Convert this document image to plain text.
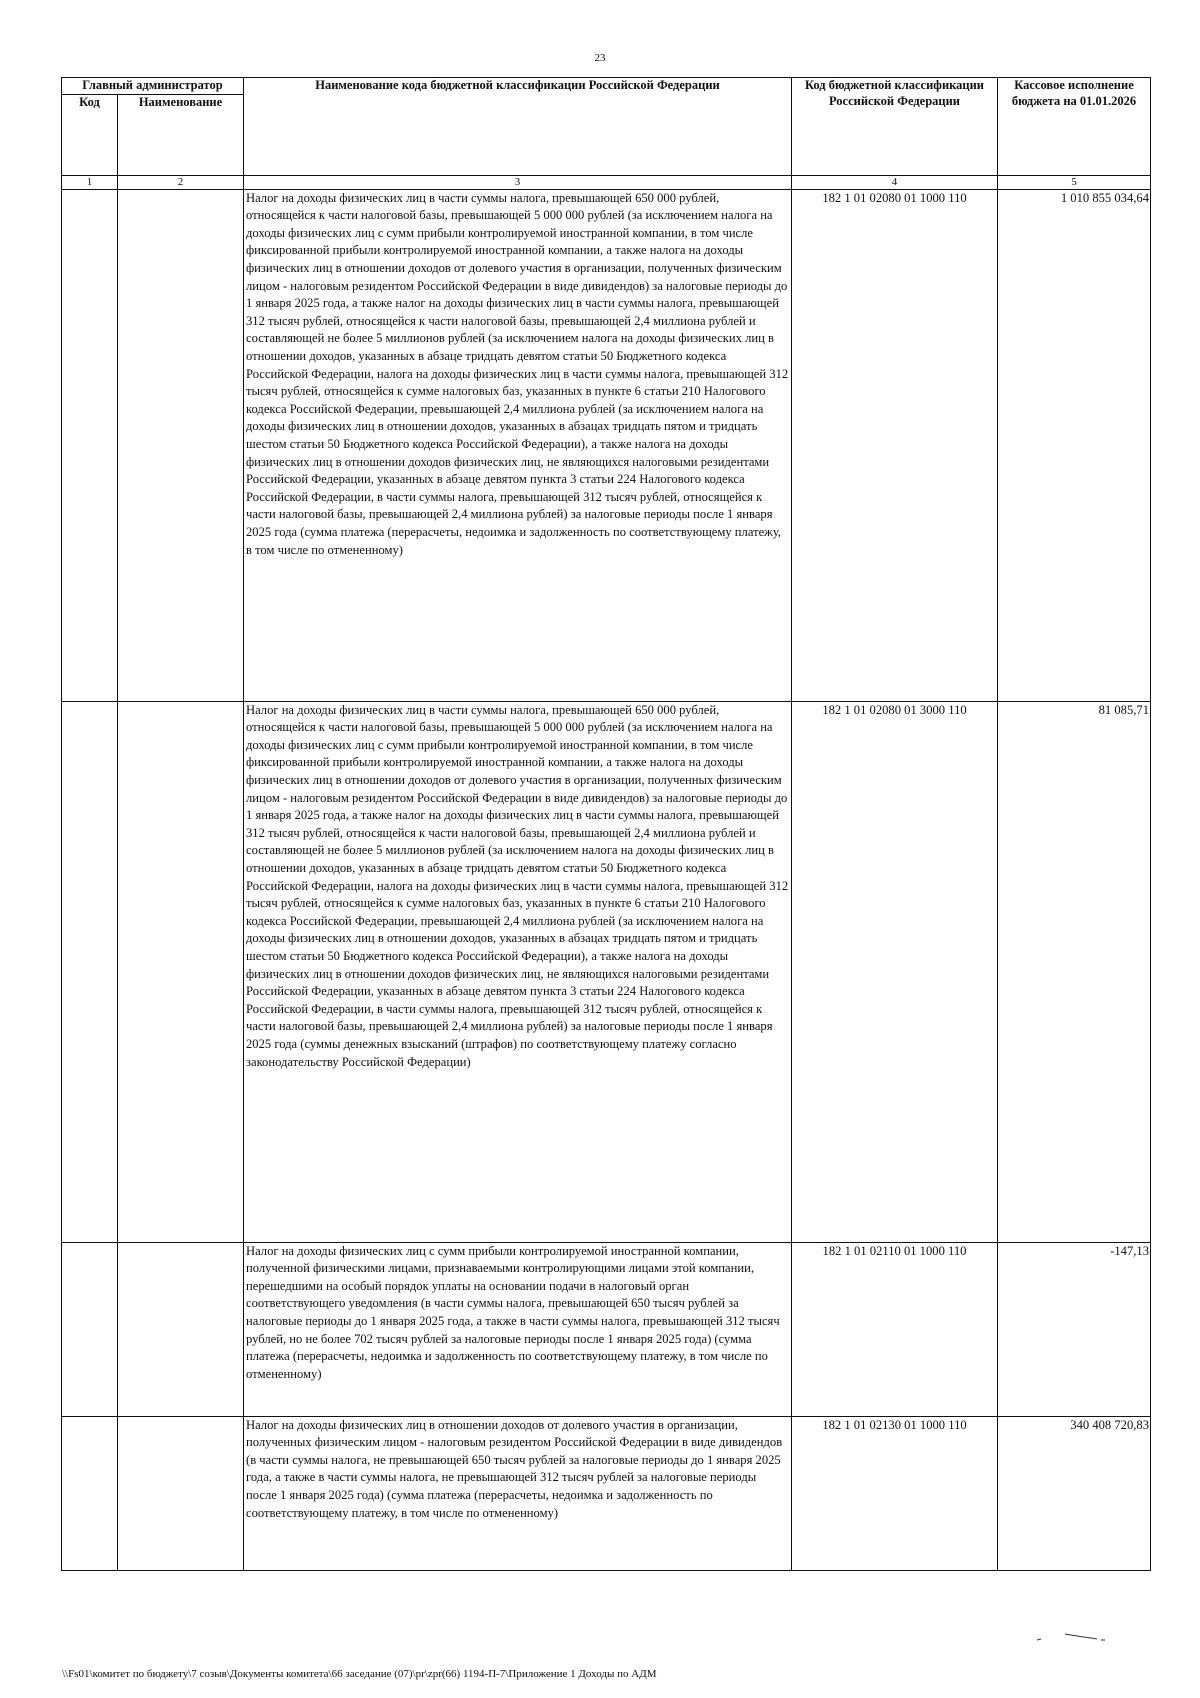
23
Главный администратор		Наименование кода бюджетной классификации Российской Федерации	Код бюджетной классификации Российской Федерации	Кассовое исполнение бюджета на 01.01.2026
Код	Наименование			
1	2	3	4	5
		Налог на доходы физических лиц в части суммы налога, превышающей 650 000 рублей, относящейся к части налоговой базы, превышающей 5 000 000 рублей (за исключением налога на доходы физических лиц с сумм прибыли контролируемой иностранной компании, в том числе фиксированной прибыли контролируемой иностранной компании, а также налога на доходы физических лиц в отношении доходов от долевого участия в организации, полученных физическим лицом - налоговым резидентом Российской Федерации в виде дивидендов) за налоговые периоды до 1 января 2025 года, а также налог на доходы физических лиц в части суммы налога, превышающей 312 тысяч рублей, относящейся к части налоговой базы, превышающей 2,4 миллиона рублей и составляющей не более 5 миллионов рублей (за исключением налога на доходы физических лиц в отношении доходов, указанных в абзаце тридцать девятом статьи 50 Бюджетного кодекса Российской Федерации, налога на доходы физических лиц в части суммы налога, превышающей 312 тысяч рублей, относящейся к сумме налоговых баз, указанных в пункте 6 статьи 210 Налогового кодекса Российской Федерации, превышающей 2,4 миллиона рублей (за исключением налога на доходы физических лиц в отношении доходов, указанных в абзацах тридцать пятом и тридцать шестом статьи 50 Бюджетного кодекса Российской Федерации), а также налога на доходы физических лиц в отношении доходов физических лиц, не являющихся налоговыми резидентами Российской Федерации, указанных в абзаце девятом пункта 3 статьи 224 Налогового кодекса Российской Федерации, в части суммы налога, превышающей 312 тысяч рублей, относящейся к части налоговой базы, превышающей 2,4 миллиона рублей) за налоговые периоды после 1 января 2025 года (сумма платежа (перерасчеты, недоимка и задолженность по соответствующему платежу, в том числе по отмененному)	182 1 01 02080 01 1000 110	1 010 855 034,64
		Налог на доходы физических лиц в части суммы налога, превышающей 650 000 рублей, относящейся к части налоговой базы, превышающей 5 000 000 рублей (за исключением налога на доходы физических лиц с сумм прибыли контролируемой иностранной компании, в том числе фиксированной прибыли контролируемой иностранной компании, а также налога на доходы физических лиц в отношении доходов от долевого участия в организации, полученных физическим лицом - налоговым резидентом Российской Федерации в виде дивидендов) за налоговые периоды до 1 января 2025 года, а также налог на доходы физических лиц в части суммы налога, превышающей 312 тысяч рублей, относящейся к части налоговой базы, превышающей 2,4 миллиона рублей и составляющей не более 5 миллионов рублей (за исключением налога на доходы физических лиц в отношении доходов, указанных в абзаце тридцать девятом статьи 50 Бюджетного кодекса Российской Федерации, налога на доходы физических лиц в части суммы налога, превышающей 312 тысяч рублей, относящейся к сумме налоговых баз, указанных в пункте 6 статьи 210 Налогового кодекса Российской Федерации, превышающей 2,4 миллиона рублей (за исключением налога на доходы физических лиц в отношении доходов, указанных в абзацах тридцать пятом и тридцать шестом статьи 50 Бюджетного кодекса Российской Федерации), а также налога на доходы физических лиц в отношении доходов физических лиц, не являющихся налоговыми резидентами Российской Федерации, указанных в абзаце девятом пункта 3 статьи 224 Налогового кодекса Российской Федерации, в части суммы налога, превышающей 312 тысяч рублей, относящейся к части налоговой базы, превышающей 2,4 миллиона рублей) за налоговые периоды после 1 января 2025 года (суммы денежных взысканий (штрафов) по соответствующему платежу согласно законодательству Российской Федерации)	182 1 01 02080 01 3000 110	81 085,71
		Налог на доходы физических лиц с сумм прибыли контролируемой иностранной компании, полученной физическими лицами, признаваемыми контролирующими лицами этой компании, перешедшими на особый порядок уплаты на основании подачи в налоговый орган соответствующего уведомления (в части суммы налога, превышающей 650 тысяч рублей за налоговые периоды до 1 января 2025 года, а также в части суммы налога, превышающей 312 тысяч рублей, но не более 702 тысяч рублей за налоговые периоды после 1 января 2025 года) (сумма платежа (перерасчеты, недоимка и задолженность по соответствующему платежу, в том числе по отмененному)	182 1 01 02110 01 1000 110	-147,13
		Налог на доходы физических лиц в отношении доходов от долевого участия в организации, полученных физическим лицом - налоговым резидентом Российской Федерации в виде дивидендов (в части суммы налога, не превышающей 650 тысяч рублей за налоговые периоды до 1 января 2025 года, а также в части суммы налога, не превышающей 312 тысяч рублей за налоговые периоды после 1 января 2025 года) (сумма платежа (перерасчеты, недоимка и задолженность по соответствующему платежу, в том числе по отмененному)	182 1 01 02130 01 1000 110	340 408 720,83
\\Fs01\комитет по бюджету\7 созыв\Документы комитета\66 заседание (07)\pr\zpr(66) 1194-П-7\Приложение 1 Доходы по АДМ
